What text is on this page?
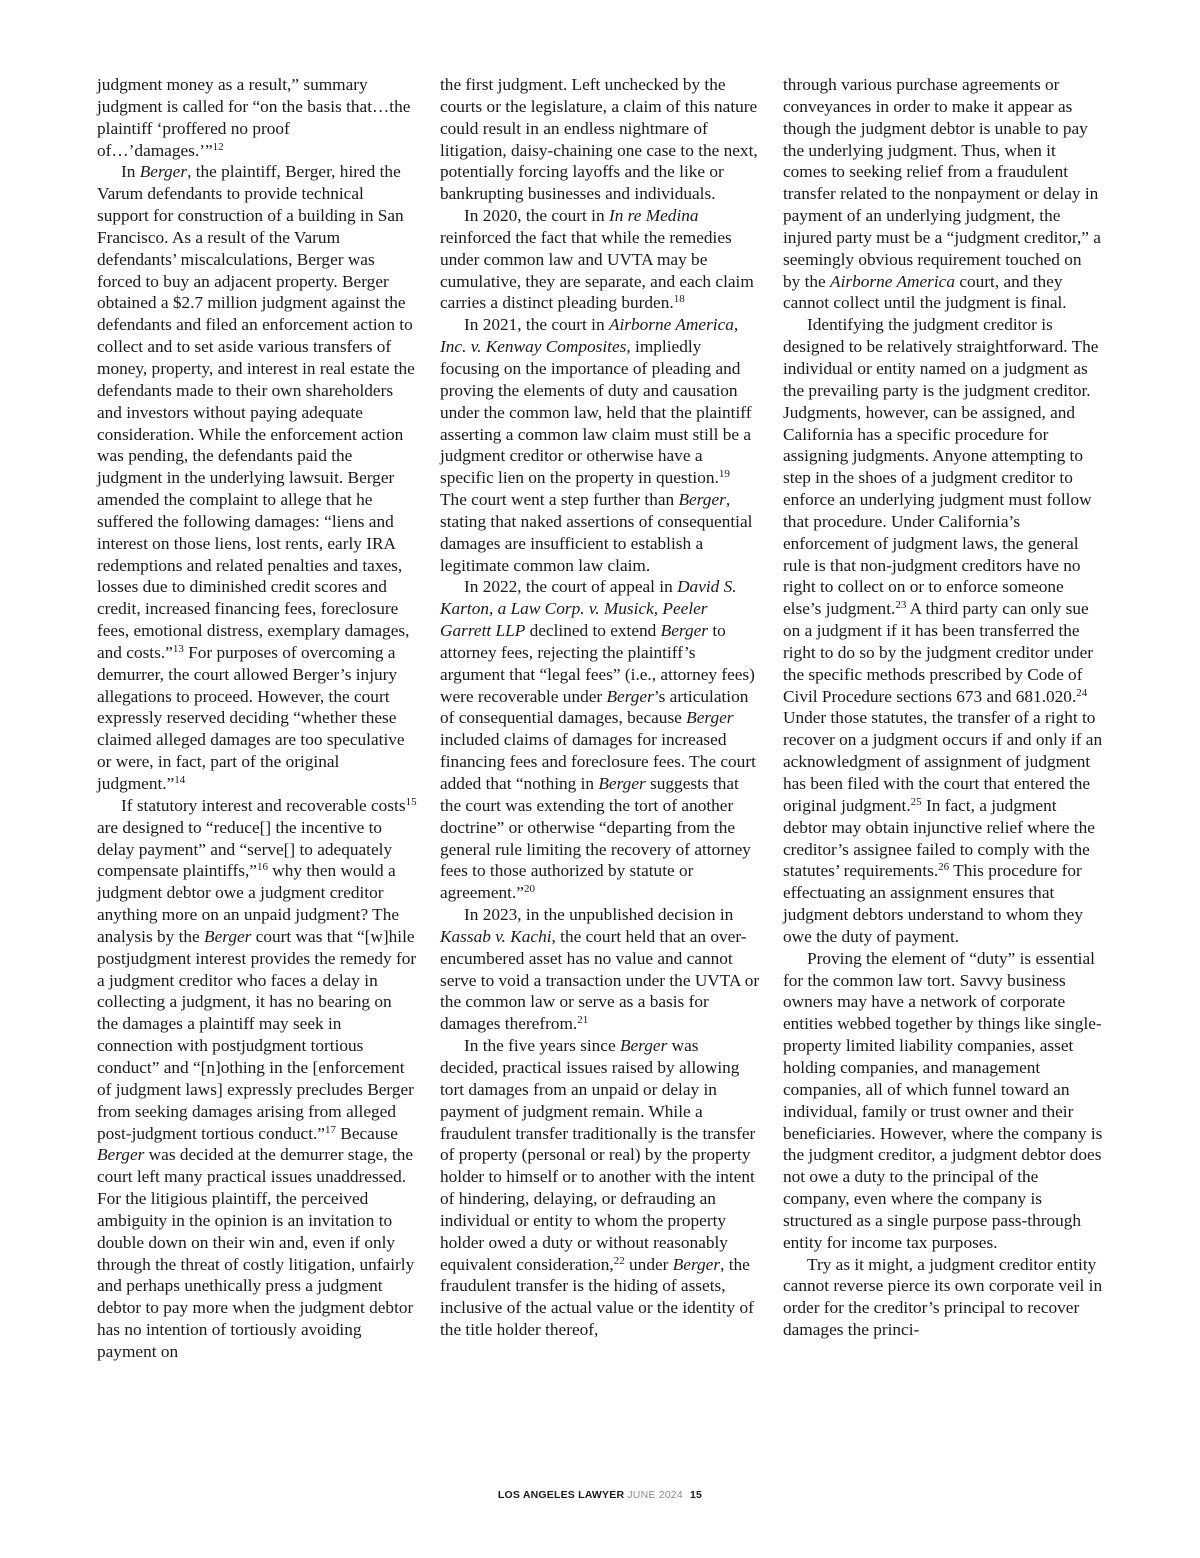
judgment money as a result,” summary judgment is called for “on the basis that…the plaintiff ‘proffered no proof of…’damages.’”$^{12}$

In Berger, the plaintiff, Berger, hired the Varum defendants to provide technical support for construction of a building in San Francisco. As a result of the Varum defendants’ miscalculations, Berger was forced to buy an adjacent property. Berger obtained a $2.7 million judgment against the defendants and filed an enforcement action to collect and to set aside various transfers of money, property, and interest in real estate the defendants made to their own shareholders and investors without paying adequate consideration. While the enforcement action was pending, the defendants paid the judgment in the underlying lawsuit. Berger amended the complaint to allege that he suffered the following damages: “liens and interest on those liens, lost rents, early IRA redemptions and related penalties and taxes, losses due to diminished credit scores and credit, increased financing fees, foreclosure fees, emotional distress, exemplary damages, and costs.”$^{13}$ For purposes of overcoming a demurrer, the court allowed Berger’s injury allegations to proceed. However, the court expressly reserved deciding “whether these claimed alleged damages are too speculative or were, in fact, part of the original judgment.”$^{14}$

If statutory interest and recoverable costs$^{15}$ are designed to “reduce[] the incentive to delay payment” and “serve[] to adequately compensate plaintiffs,”$^{16}$ why then would a judgment debtor owe a judgment creditor anything more on an unpaid judgment? The analysis by the Berger court was that “[w]hile postjudgment interest provides the remedy for a judgment creditor who faces a delay in collecting a judgment, it has no bearing on the damages a plaintiff may seek in connection with postjudgment tortious conduct” and “[n]othing in the [enforcement of judgment laws] expressly precludes Berger from seeking damages arising from alleged post-judgment tortious conduct.”$^{17}$ Because Berger was decided at the demurrer stage, the court left many practical issues unaddressed. For the litigious plaintiff, the perceived ambiguity in the opinion is an invitation to double down on their win and, even if only through the threat of costly litigation, unfairly and perhaps unethically press a judgment debtor to pay more when the judgment debtor has no intention of tortiously avoiding payment on

the first judgment. Left unchecked by the courts or the legislature, a claim of this nature could result in an endless nightmare of litigation, daisy-chaining one case to the next, potentially forcing layoffs and the like or bankrupting businesses and individuals.

In 2020, the court in In re Medina reinforced the fact that while the remedies under common law and UVTA may be cumulative, they are separate, and each claim carries a distinct pleading burden.$^{18}$

In 2021, the court in Airborne America, Inc. v. Kenway Composites, impliedly focusing on the importance of pleading and proving the elements of duty and causation under the common law, held that the plaintiff asserting a common law claim must still be a judgment creditor or otherwise have a specific lien on the property in question.$^{19}$ The court went a step further than Berger, stating that naked assertions of consequential damages are insufficient to establish a legitimate common law claim.

In 2022, the court of appeal in David S. Karton, a Law Corp. v. Musick, Peeler Garrett LLP declined to extend Berger to attorney fees, rejecting the plaintiff’s argument that “legal fees” (i.e., attorney fees) were recoverable under Berger’s articulation of consequential damages, because Berger included claims of damages for increased financing fees and foreclosure fees. The court added that “nothing in Berger suggests that the court was extending the tort of another doctrine” or otherwise “departing from the general rule limiting the recovery of attorney fees to those authorized by statute or agreement.”$^{20}$

In 2023, in the unpublished decision in Kassab v. Kachi, the court held that an over-encumbered asset has no value and cannot serve to void a transaction under the UVTA or the common law or serve as a basis for damages therefrom.$^{21}$

In the five years since Berger was decided, practical issues raised by allowing tort damages from an unpaid or delay in payment of judgment remain. While a fraudulent transfer traditionally is the transfer of property (personal or real) by the property holder to himself or to another with the intent of hindering, delaying, or defrauding an individual or entity to whom the property holder owed a duty or without reasonably equivalent consideration,$^{22}$ under Berger, the fraudulent transfer is the hiding of assets, inclusive of the actual value or the identity of the title holder thereof,

through various purchase agreements or conveyances in order to make it appear as though the judgment debtor is unable to pay the underlying judgment. Thus, when it comes to seeking relief from a fraudulent transfer related to the nonpayment or delay in payment of an underlying judgment, the injured party must be a “judgment creditor,” a seemingly obvious requirement touched on by the Airborne America court, and they cannot collect until the judgment is final.

Identifying the judgment creditor is designed to be relatively straightforward. The individual or entity named on a judgment as the prevailing party is the judgment creditor. Judgments, however, can be assigned, and California has a specific procedure for assigning judgments. Anyone attempting to step in the shoes of a judgment creditor to enforce an underlying judgment must follow that procedure. Under California’s enforcement of judgment laws, the general rule is that non-judgment creditors have no right to collect on or to enforce someone else’s judgment.$^{23}$ A third party can only sue on a judgment if it has been transferred the right to do so by the judgment creditor under the specific methods prescribed by Code of Civil Procedure sections 673 and 681.020.24 Under those statutes, the transfer of a right to recover on a judgment occurs if and only if an acknowledgment of assignment of judgment has been filed with the court that entered the original judgment.$^{25}$ In fact, a judgment debtor may obtain injunctive relief where the creditor’s assignee failed to comply with the statutes’ requirements.$^{26}$ This procedure for effectuating an assignment ensures that judgment debtors understand to whom they owe the duty of payment.

Proving the element of “duty” is essential for the common law tort. Savvy business owners may have a network of corporate entities webbed together by things like single-property limited liability companies, asset holding companies, and management companies, all of which funnel toward an individual, family or trust owner and their beneficiaries. However, where the company is the judgment creditor, a judgment debtor does not owe a duty to the principal of the company, even where the company is structured as a single purpose pass-through entity for income tax purposes.

Try as it might, a judgment creditor entity cannot reverse pierce its own corporate veil in order for the creditor’s principal to recover damages the princi-

LOS ANGELES LAWYER JUNE 2024 15
